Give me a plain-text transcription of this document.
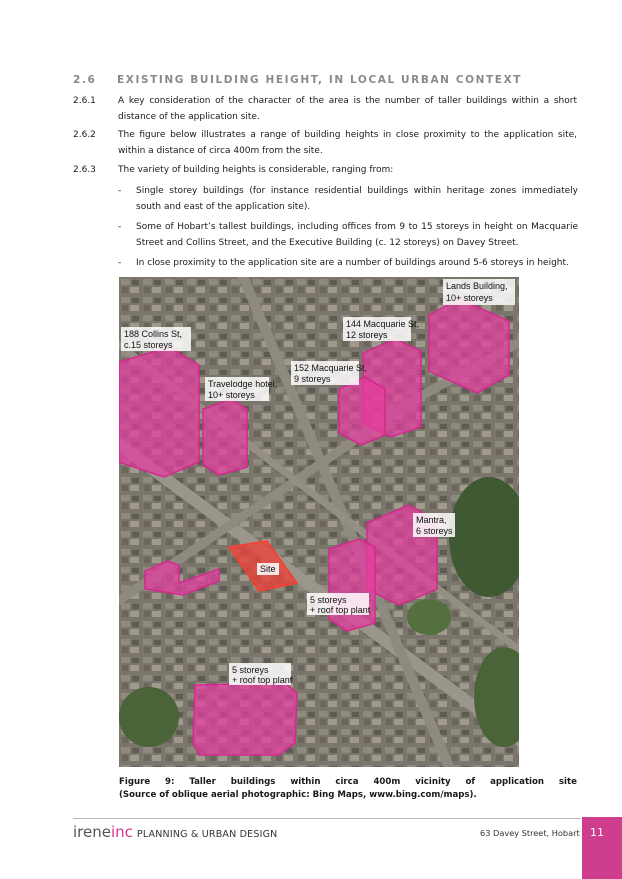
2.6 EXISTING BUILDING HEIGHT, IN LOCAL URBAN CONTEXT
2.6.1 A key consideration of the character of the area is the number of taller buildings within a short distance of the application site.
2.6.2 The figure below illustrates a range of building heights in close proximity to the application site, within a distance of circa 400m from the site.
2.6.3 The variety of building heights is considerable, ranging from:
- Single storey buildings (for instance residential buildings within heritage zones immediately south and east of the application site).
- Some of Hobart’s tallest buildings, including offices from 9 to 15 storeys in height on Macquarie Street and Collins Street, and the Executive Building (c. 12 storeys) on Davey Street.
- In close proximity to the application site are a number of buildings around 5-6 storeys in height.
Lands Building,
10+ storeys
188 Collins St,
c.15 storeys
144 Macquarie St,
12 storeys
152 Macquarie St,
9 storeys
Travelodge hotel,
10+ storeys
Mantra,
6 storeys
Site
5 storeys
+ roof top plant
5 storeys
+ roof top plant
Figure 9: Taller buildings within circa 400m vicinity of application site
(Source of oblique aerial photographic: Bing Maps, www.bing.com/maps).
ireneinc PLANNING & URBAN DESIGN	63 Davey Street, Hobart 11
